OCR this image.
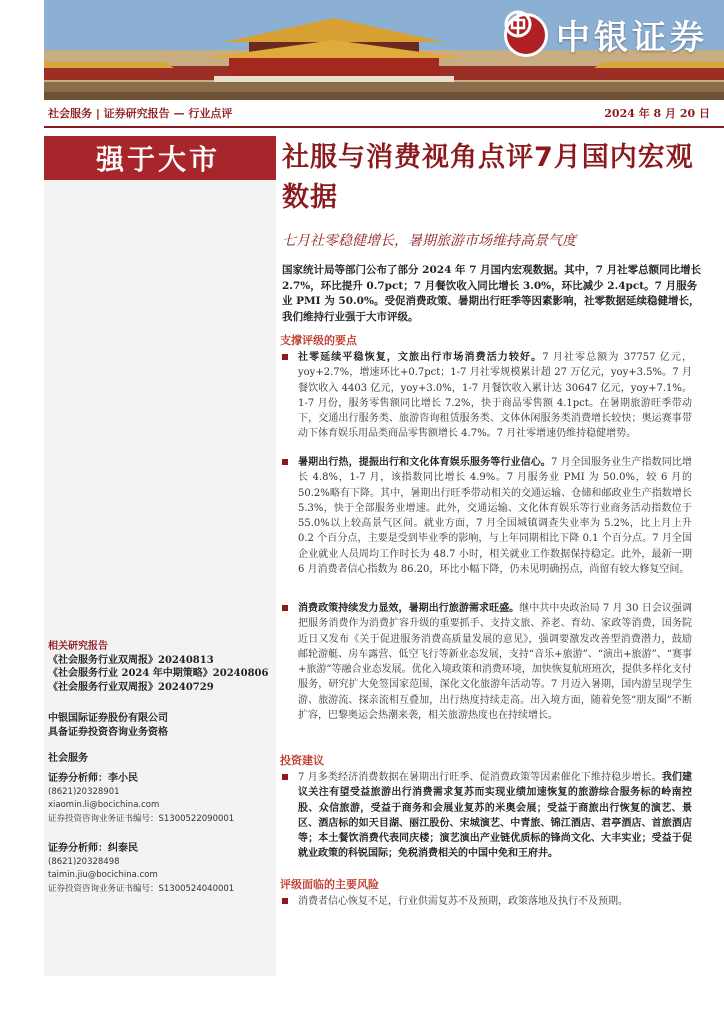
中银证券
社会服务 | 证券研究报告 — 行业点评	2024 年 8 月 20 日
强于大市
相关研究报告
《社会服务行业双周报》20240813
《社会服务行业 2024 年中期策略》20240806
《社会服务行业双周报》20240729
中银国际证券股份有限公司
具备证券投资咨询业务资格
社会服务
证券分析师：李小民
(8621)20328901
xiaomin.li@bocichina.com
证券投资咨询业务证书编号：S1300522090001
证券分析师：纠泰民
(8621)20328498
taimin.jiu@bocichina.com
证券投资咨询业务证书编号：S1300524040001
社服与消费视角点评7月国内宏观数据
七月社零稳健增长，暑期旅游市场维持高景气度
国家统计局等部门公布了部分 2024 年 7 月国内宏观数据。其中，7 月社零总额同比增长 2.7%，环比提升 0.7pct；7 月餐饮收入同比增长 3.0%，环比减少 2.4pct。7 月服务业 PMI 为 50.0%。受促消费政策、暑期出行旺季等因素影响，社零数据延续稳健增长，我们维持行业强于大市评级。
支撑评级的要点
社零延续平稳恢复，文旅出行市场消费活力较好。7 月社零总额为 37757 亿元，yoy+2.7%，增速环比+0.7pct；1-7 月社零规模累计超 27 万亿元，yoy+3.5%。7 月餐饮收入 4403 亿元，yoy+3.0%，1-7 月餐饮收入累计达 30647 亿元，yoy+7.1%。1-7 月份，服务零售额同比增长 7.2%，快于商品零售额 4.1pct。在暑期旅游旺季带动下，交通出行服务类、旅游咨询租赁服务类、文体休闲服务类消费增长较快；奥运赛事带动下体育娱乐用品类商品零售额增长 4.7%。7 月社零增速仍维持稳健增势。
暑期出行热，提振出行和文化体育娱乐服务等行业信心。7 月全国服务业生产指数同比增长 4.8%，1-7 月，该指数同比增长 4.9%。7 月服务业 PMI 为 50.0%，较 6 月的 50.2%略有下降。其中，暑期出行旺季带动相关的交通运输、仓储和邮政业生产指数增长 5.3%，快于全部服务业增速。此外，交通运输、文化体育娱乐等行业商务活动指数位于 55.0%以上较高景气区间。就业方面，7 月全国城镇调查失业率为 5.2%，比上月上升 0.2 个百分点，主要是受到毕业季的影响，与上年同期相比下降 0.1 个百分点。7 月全国企业就业人员周均工作时长为 48.7 小时，相关就业工作数据保持稳定。此外，最新一期 6 月消费者信心指数为 86.20，环比小幅下降，仍未见明确拐点，尚留有较大修复空间。
消费政策持续发力显效，暑期出行旅游需求旺盛。继中共中央政治局 7 月 30 日会议强调把服务消费作为消费扩容升级的重要抓手、支持文旅、养老、育幼、家政等消费，国务院近日又发布《关于促进服务消费高质量发展的意见》，强调要激发改善型消费潜力，鼓励邮轮游艇、房车露营、低空飞行等新业态发展，支持“音乐+旅游”、“演出+旅游”、“赛事+旅游”等融合业态发展。优化入境政策和消费环境，加快恢复航班班次，提供多样化支付服务，研究扩大免签国家范围，深化文化旅游年活动等。7 月迈入暑期，国内游呈现学生游、旅游流、探亲流相互叠加，出行热度持续走高。出入境方面，随着免签“朋友圈”不断扩容，巴黎奥运会热潮来袭，相关旅游热度也在持续增长。
投资建议
7 月多类经济消费数据在暑期出行旺季、促消费政策等因素催化下维持稳步增长。我们建议关注有望受益旅游出行消费需求复苏而实现业绩加速恢复的旅游综合服务标的岭南控股、众信旅游，受益于商务和会展业复苏的米奥会展；受益于商旅出行恢复的演艺、景区、酒店标的如天目湖、丽江股份、宋城演艺、中青旅、锦江酒店、君亭酒店、首旅酒店等；本土餐饮消费代表同庆楼；演艺演出产业链优质标的锋尚文化、大丰实业；受益于促就业政策的科锐国际；免税消费相关的中国中免和王府井。
评级面临的主要风险
消费者信心恢复不足，行业供需复苏不及预期，政策落地及执行不及预期。
